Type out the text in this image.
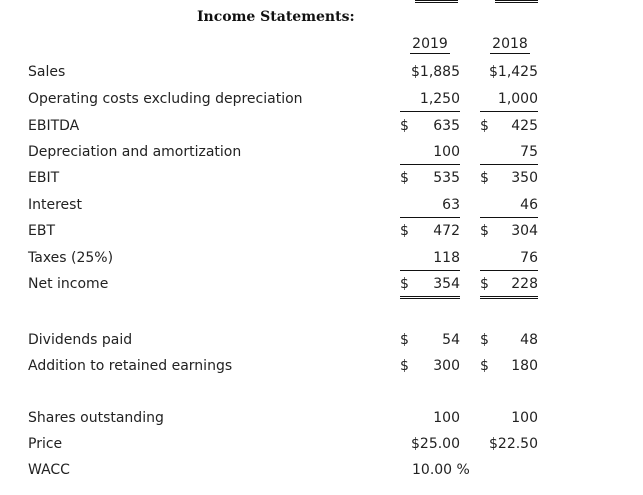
Income Statements:
2019	2018
Sales
Operating costs excluding depreciation
EBITDA
Depreciation and amortization
EBIT
Interest
EBT
Taxes (25%)
Net income
Dividends paid
Addition to retained earnings
Shares outstanding
Price
WACC
$1,885
1,250
$ 635
100
$ 535
63
$ 472
118
$ 354
$ 54
$ 300
100
$25.00
$1,425
1,000
$ 425
75
$ 350
46
$ 304
76
$ 228
$ 48
$ 180
100
$22.50
10.00 %
